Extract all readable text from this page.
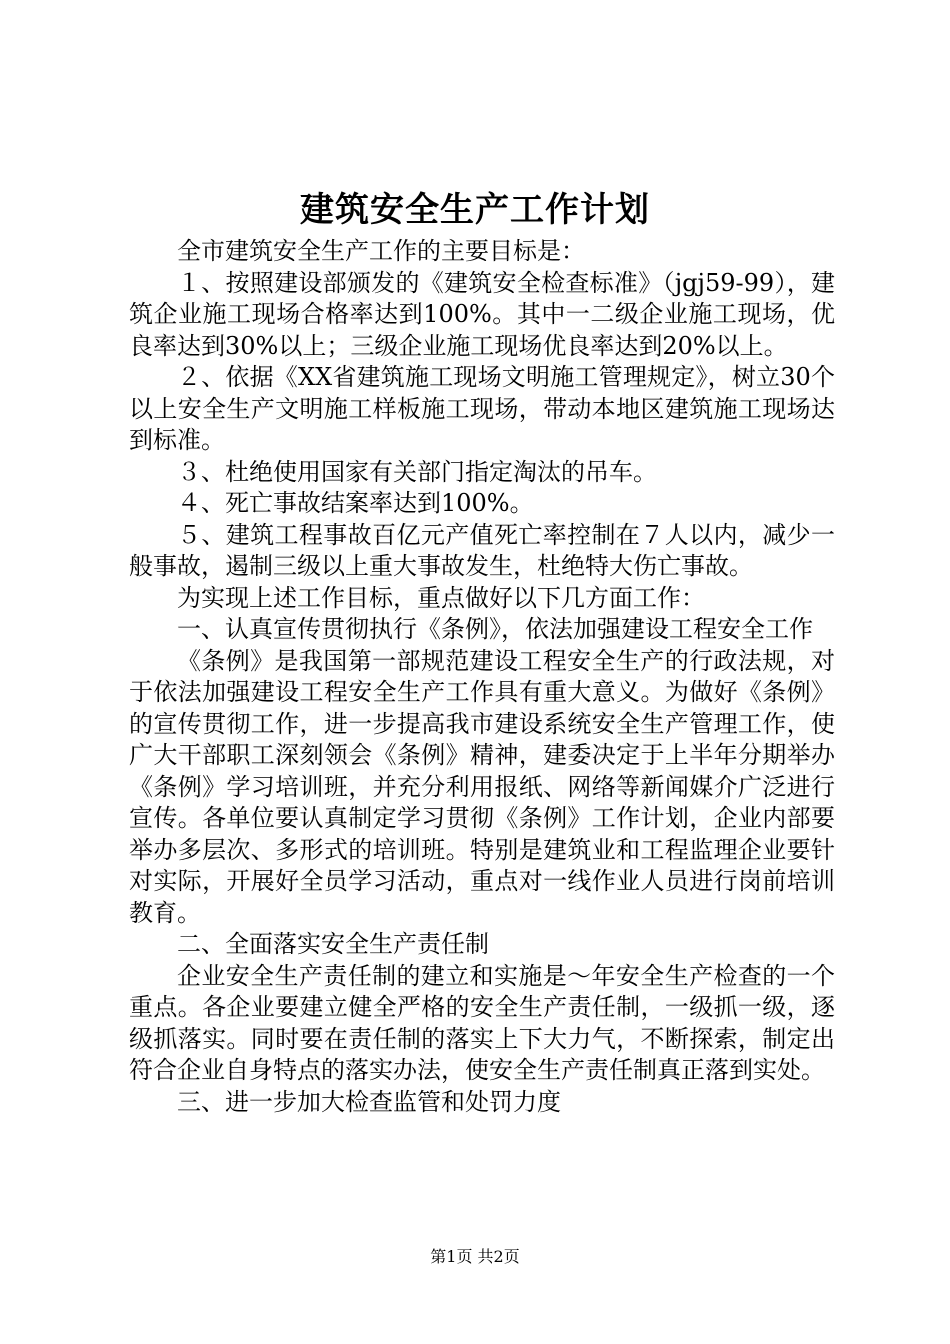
建筑安全生产工作计划

全市建筑安全生产工作的主要目标是：

１、按照建设部颁发的《建筑安全检查标准》（jgj59-99），建筑企业施工现场合格率达到100%。其中一二级企业施工现场，优良率达到30%以上；三级企业施工现场优良率达到20%以上。

２、依据《XX省建筑施工现场文明施工管理规定》，树立30个以上安全生产文明施工样板施工现场，带动本地区建筑施工现场达到标准。

３、杜绝使用国家有关部门指定淘汰的吊车。

４、死亡事故结案率达到100%。

５、建筑工程事故百亿元产值死亡率控制在７人以内，减少一般事故，遏制三级以上重大事故发生，杜绝特大伤亡事故。

为实现上述工作目标，重点做好以下几方面工作：

一、认真宣传贯彻执行《条例》，依法加强建设工程安全工作

《条例》是我国第一部规范建设工程安全生产的行政法规，对于依法加强建设工程安全生产工作具有重大意义。为做好《条例》的宣传贯彻工作，进一步提高我市建设系统安全生产管理工作，使广大干部职工深刻领会《条例》精神，建委决定于上半年分期举办《条例》学习培训班，并充分利用报纸、网络等新闻媒介广泛进行宣传。各单位要认真制定学习贯彻《条例》工作计划，企业内部要举办多层次、多形式的培训班。特别是建筑业和工程监理企业要针对实际，开展好全员学习活动，重点对一线作业人员进行岗前培训教育。

二、全面落实安全生产责任制

企业安全生产责任制的建立和实施是～年安全生产检查的一个重点。各企业要建立健全严格的安全生产责任制，一级抓一级，逐级抓落实。同时要在责任制的落实上下大力气，不断探索，制定出符合企业自身特点的落实办法，使安全生产责任制真正落到实处。

三、进一步加大检查监管和处罚力度

第1页 共2页
